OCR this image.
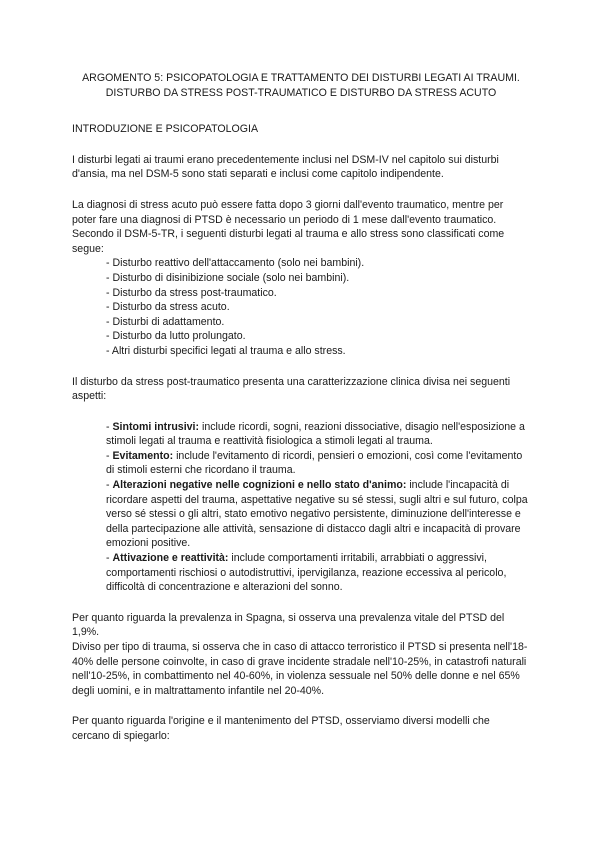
ARGOMENTO 5: PSICOPATOLOGIA E TRATTAMENTO DEI DISTURBI LEGATI AI TRAUMI. DISTURBO DA STRESS POST-TRAUMATICO E DISTURBO DA STRESS ACUTO
INTRODUZIONE E PSICOPATOLOGIA

I disturbi legati ai traumi erano precedentemente inclusi nel DSM-IV nel capitolo sui disturbi d'ansia, ma nel DSM-5 sono stati separati e inclusi come capitolo indipendente.

La diagnosi di stress acuto può essere fatta dopo 3 giorni dall'evento traumatico, mentre per poter fare una diagnosi di PTSD è necessario un periodo di 1 mese dall'evento traumatico. Secondo il DSM-5-TR, i seguenti disturbi legati al trauma e allo stress sono classificati come segue:

- Disturbo reattivo dell'attaccamento (solo nei bambini).
- Disturbo di disinibizione sociale (solo nei bambini).
- Disturbo da stress post-traumatico.
- Disturbo da stress acuto.
- Disturbi di adattamento.
- Disturbo da lutto prolungato.
- Altri disturbi specifici legati al trauma e allo stress.

Il disturbo da stress post-traumatico presenta una caratterizzazione clinica divisa nei seguenti aspetti:

- Sintomi intrusivi: include ricordi, sogni, reazioni dissociative, disagio nell'esposizione a stimoli legati al trauma e reattività fisiologica a stimoli legati al trauma.
- Evitamento: include l'evitamento di ricordi, pensieri o emozioni, così come l'evitamento di stimoli esterni che ricordano il trauma.
- Alterazioni negative nelle cognizioni e nello stato d'animo: include l'incapacità di ricordare aspetti del trauma, aspettative negative su sé stessi, sugli altri e sul futuro, colpa verso sé stessi o gli altri, stato emotivo negativo persistente, diminuzione dell'interesse e della partecipazione alle attività, sensazione di distacco dagli altri e incapacità di provare emozioni positive.
- Attivazione e reattività: include comportamenti irritabili, arrabbiati o aggressivi, comportamenti rischiosi o autodistruttivi, ipervigilanza, reazione eccessiva al pericolo, difficoltà di concentrazione e alterazioni del sonno.

Per quanto riguarda la prevalenza in Spagna, si osserva una prevalenza vitale del PTSD del 1,9%.

Diviso per tipo di trauma, si osserva che in caso di attacco terroristico il PTSD si presenta nell'18-40% delle persone coinvolte, in caso di grave incidente stradale nell'10-25%, in catastrofi naturali nell'10-25%, in combattimento nel 40-60%, in violenza sessuale nel 50% delle donne e nel 65% degli uomini, e in maltrattamento infantile nel 20-40%.

Per quanto riguarda l'origine e il mantenimento del PTSD, osserviamo diversi modelli che cercano di spiegarlo:
